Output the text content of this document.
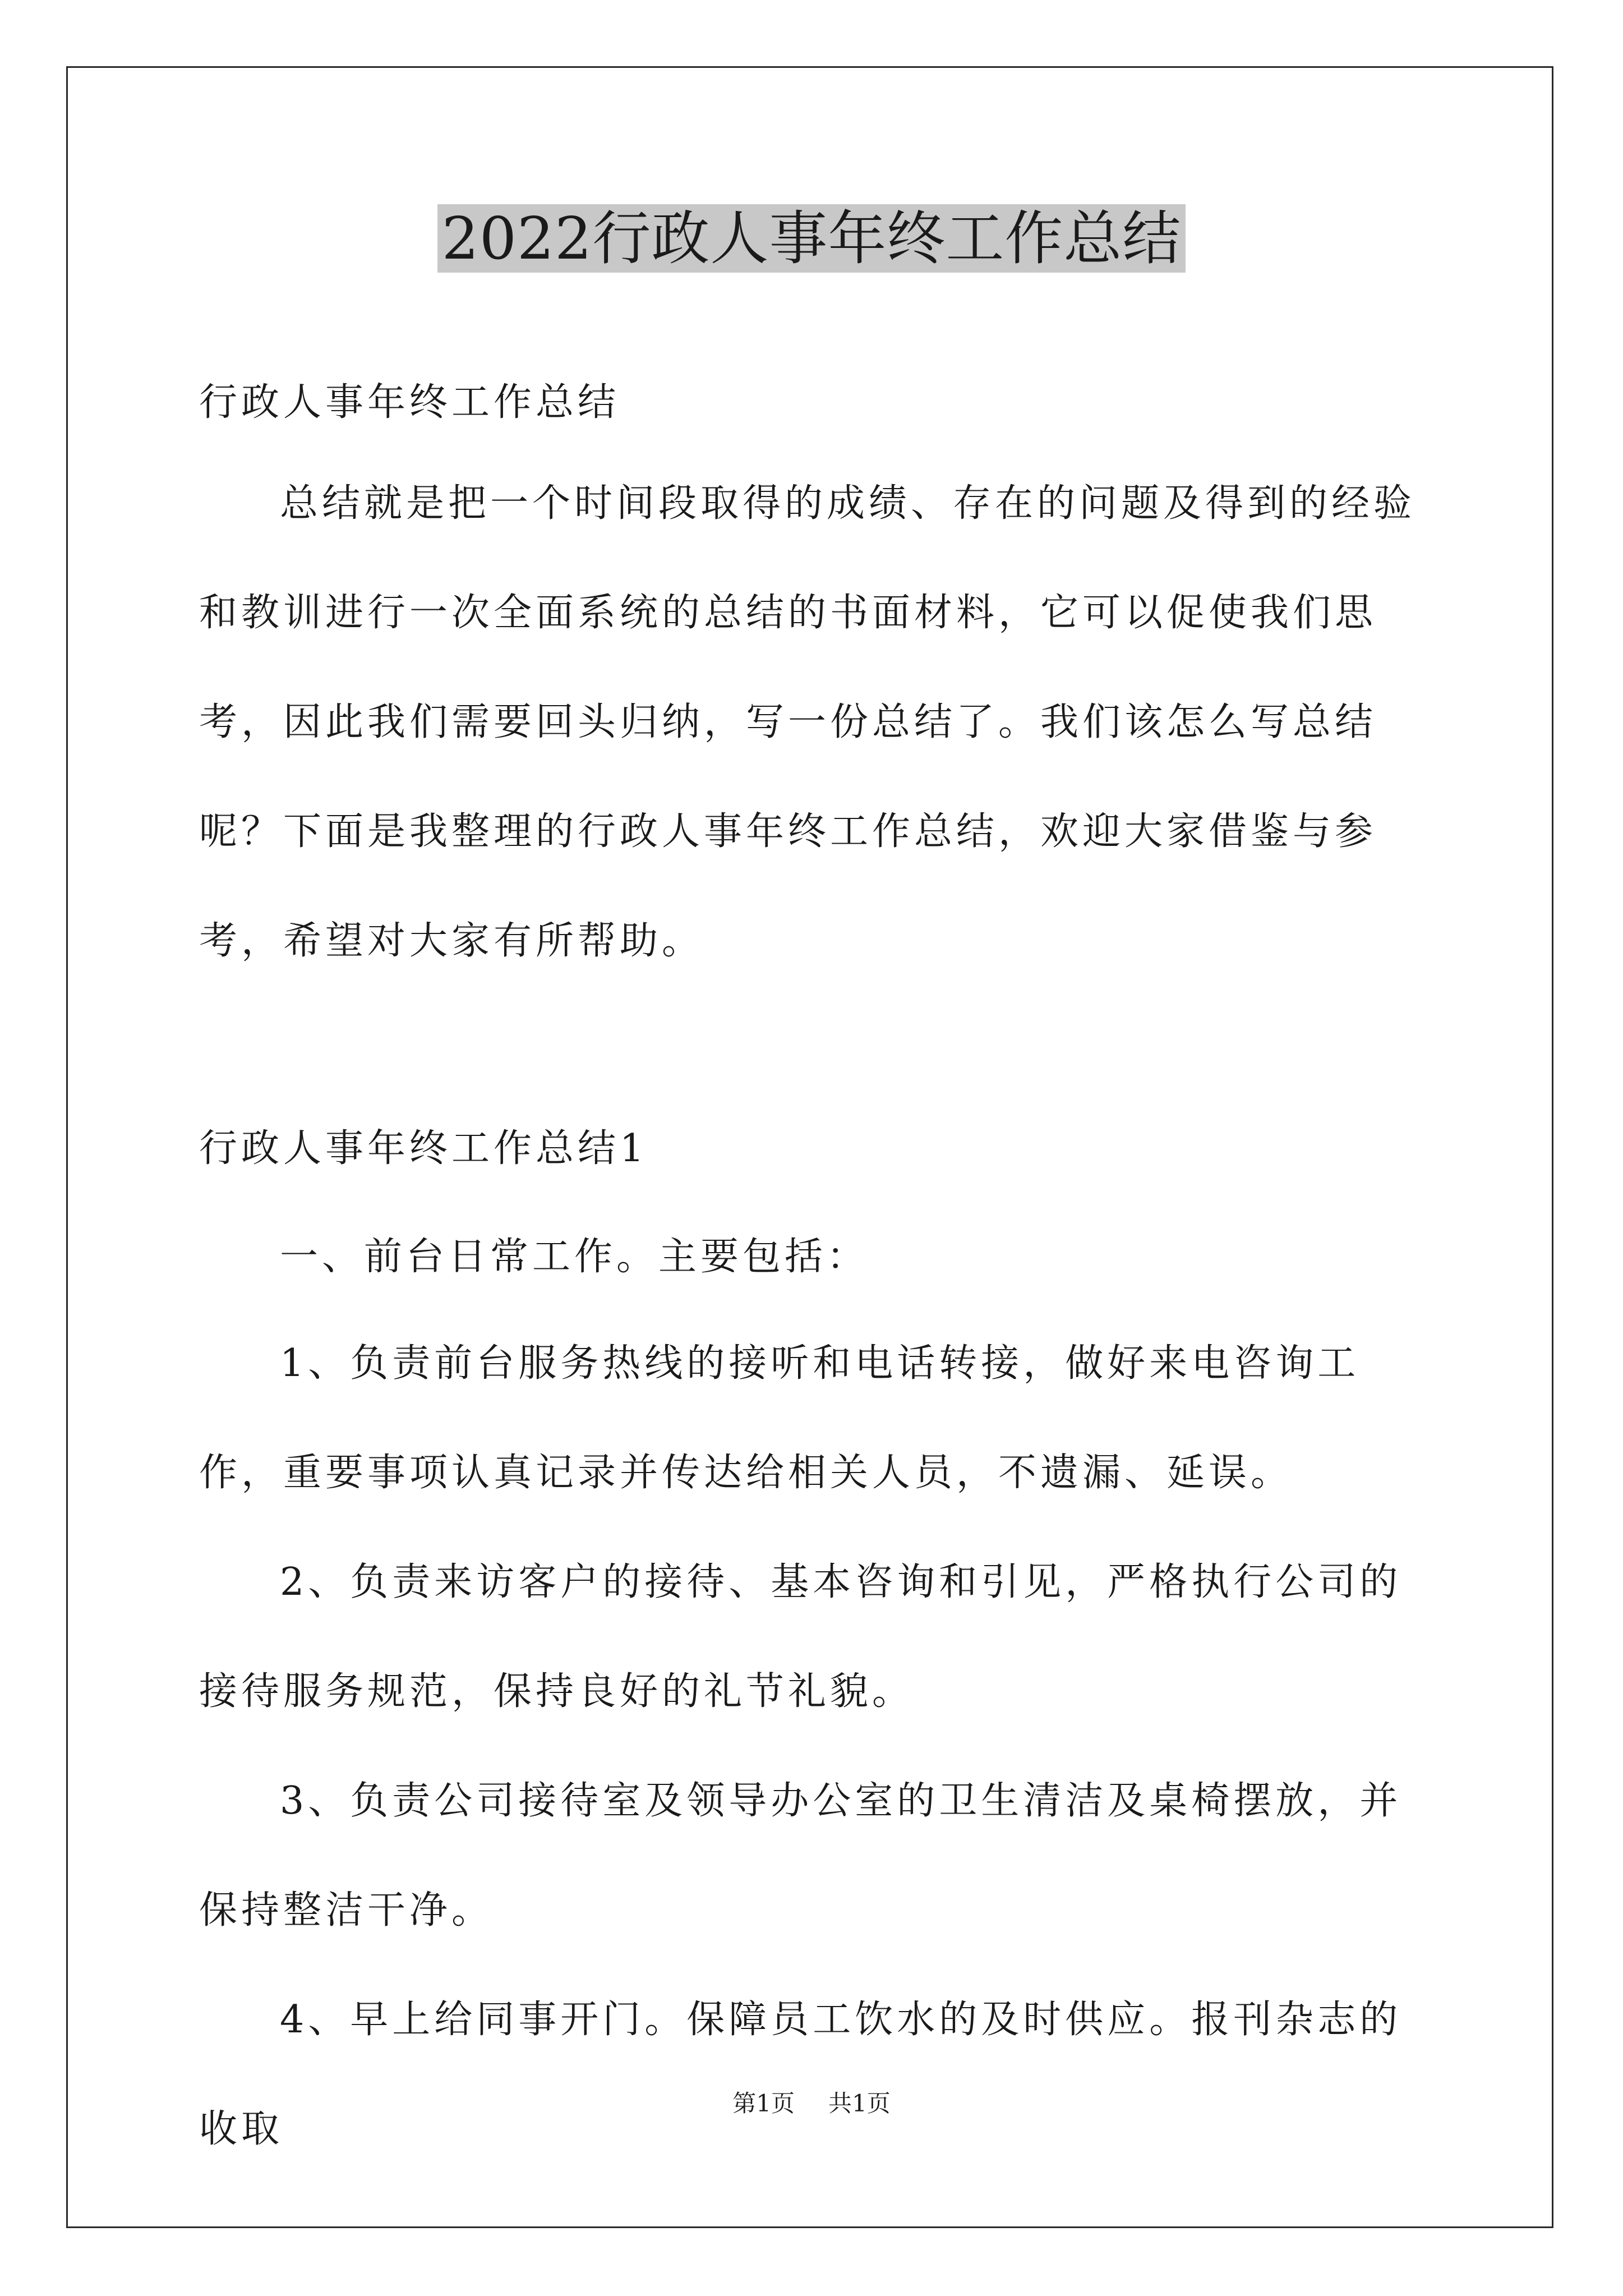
2022行政人事年终工作总结

行政人事年终工作总结

总结就是把一个时间段取得的成绩、存在的问题及得到的经验和教训进行一次全面系统的总结的书面材料，它可以促使我们思考，因此我们需要回头归纳，写一份总结了。我们该怎么写总结呢？下面是我整理的行政人事年终工作总结，欢迎大家借鉴与参考，希望对大家有所帮助。

行政人事年终工作总结1

一、前台日常工作。主要包括：

1、负责前台服务热线的接听和电话转接，做好来电咨询工作，重要事项认真记录并传达给相关人员，不遗漏、延误。

2、负责来访客户的接待、基本咨询和引见，严格执行公司的接待服务规范，保持良好的礼节礼貌。

3、负责公司接待室及领导办公室的卫生清洁及桌椅摆放，并保持整洁干净。

4、早上给同事开门。保障员工饮水的及时供应。报刊杂志的收取

第1页 共1页
